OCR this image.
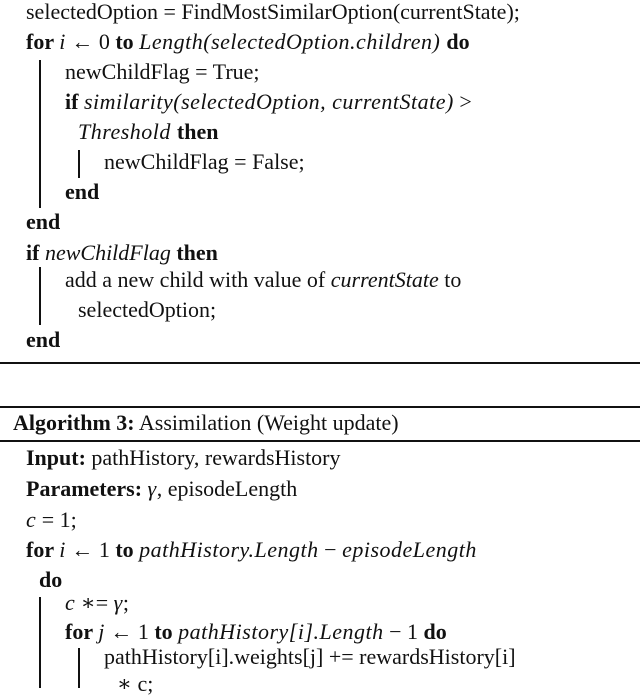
selectedOption = FindMostSimilarOption(currentState);
for i ← 0 to Length(selectedOption.children) do
newChildFlag = True;
if similarity(selectedOption, currentState) >
Threshold then
newChildFlag = False;
end
end
if newChildFlag then
add a new child with value of currentState to
selectedOption;
end
Algorithm 3: Assimilation (Weight update)
Input: pathHistory, rewardsHistory
Parameters: γ, episodeLength
c = 1;
for i ← 1 to pathHistory.Length − episodeLength
do
c ∗= γ;
for j ← 1 to pathHistory[i].Length − 1 do
pathHistory[i].weights[j] += rewardsHistory[i]
∗ c;
